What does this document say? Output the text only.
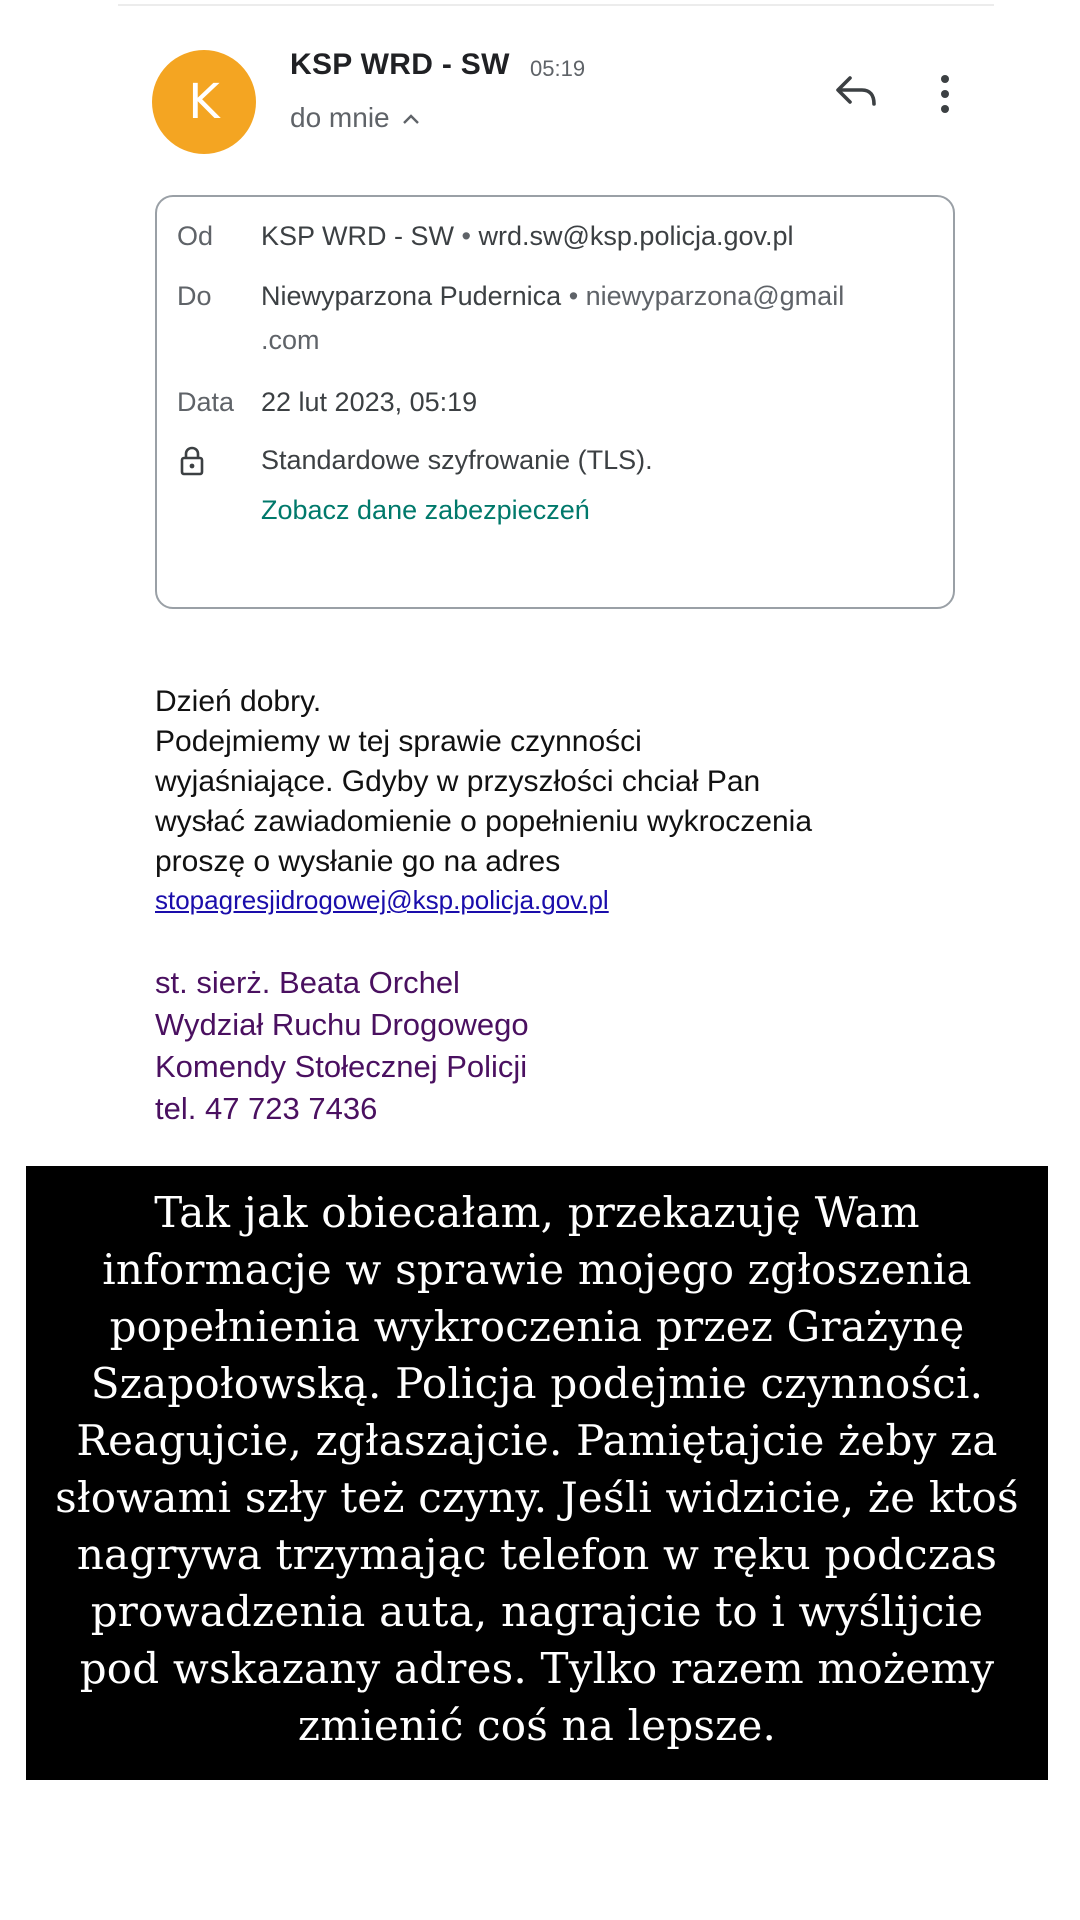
K
KSP WRD - SW 05:19
do mnie
Od KSP WRD - SW • wrd.sw@ksp.policja.gov.pl
Do Niewyparzona Pudernica • niewyparzona@gmail
.com
Data 22 lut 2023, 05:19
Standardowe szyfrowanie (TLS).
Zobacz dane zabezpieczeń
Dzień dobry.
Podejmiemy w tej sprawie czynności
wyjaśniające. Gdyby w przyszłości chciał Pan
wysłać zawiadomienie o popełnieniu wykroczenia
proszę o wysłanie go na adres
stopagresjidrogowej@ksp.policja.gov.pl
st. sierż. Beata Orchel
Wydział Ruchu Drogowego
Komendy Stołecznej Policji
tel. 47 723 7436
Tak jak obiecałam, przekazuję Wam
informacje w sprawie mojego zgłoszenia
popełnienia wykroczenia przez Grażynę
Szapołowską. Policja podejmie czynności.
Reagujcie, zgłaszajcie. Pamiętajcie żeby za
słowami szły też czyny. Jeśli widzicie, że ktoś
nagrywa trzymając telefon w ręku podczas
prowadzenia auta, nagrajcie to i wyślijcie
pod wskazany adres. Tylko razem możemy
zmienić coś na lepsze.
